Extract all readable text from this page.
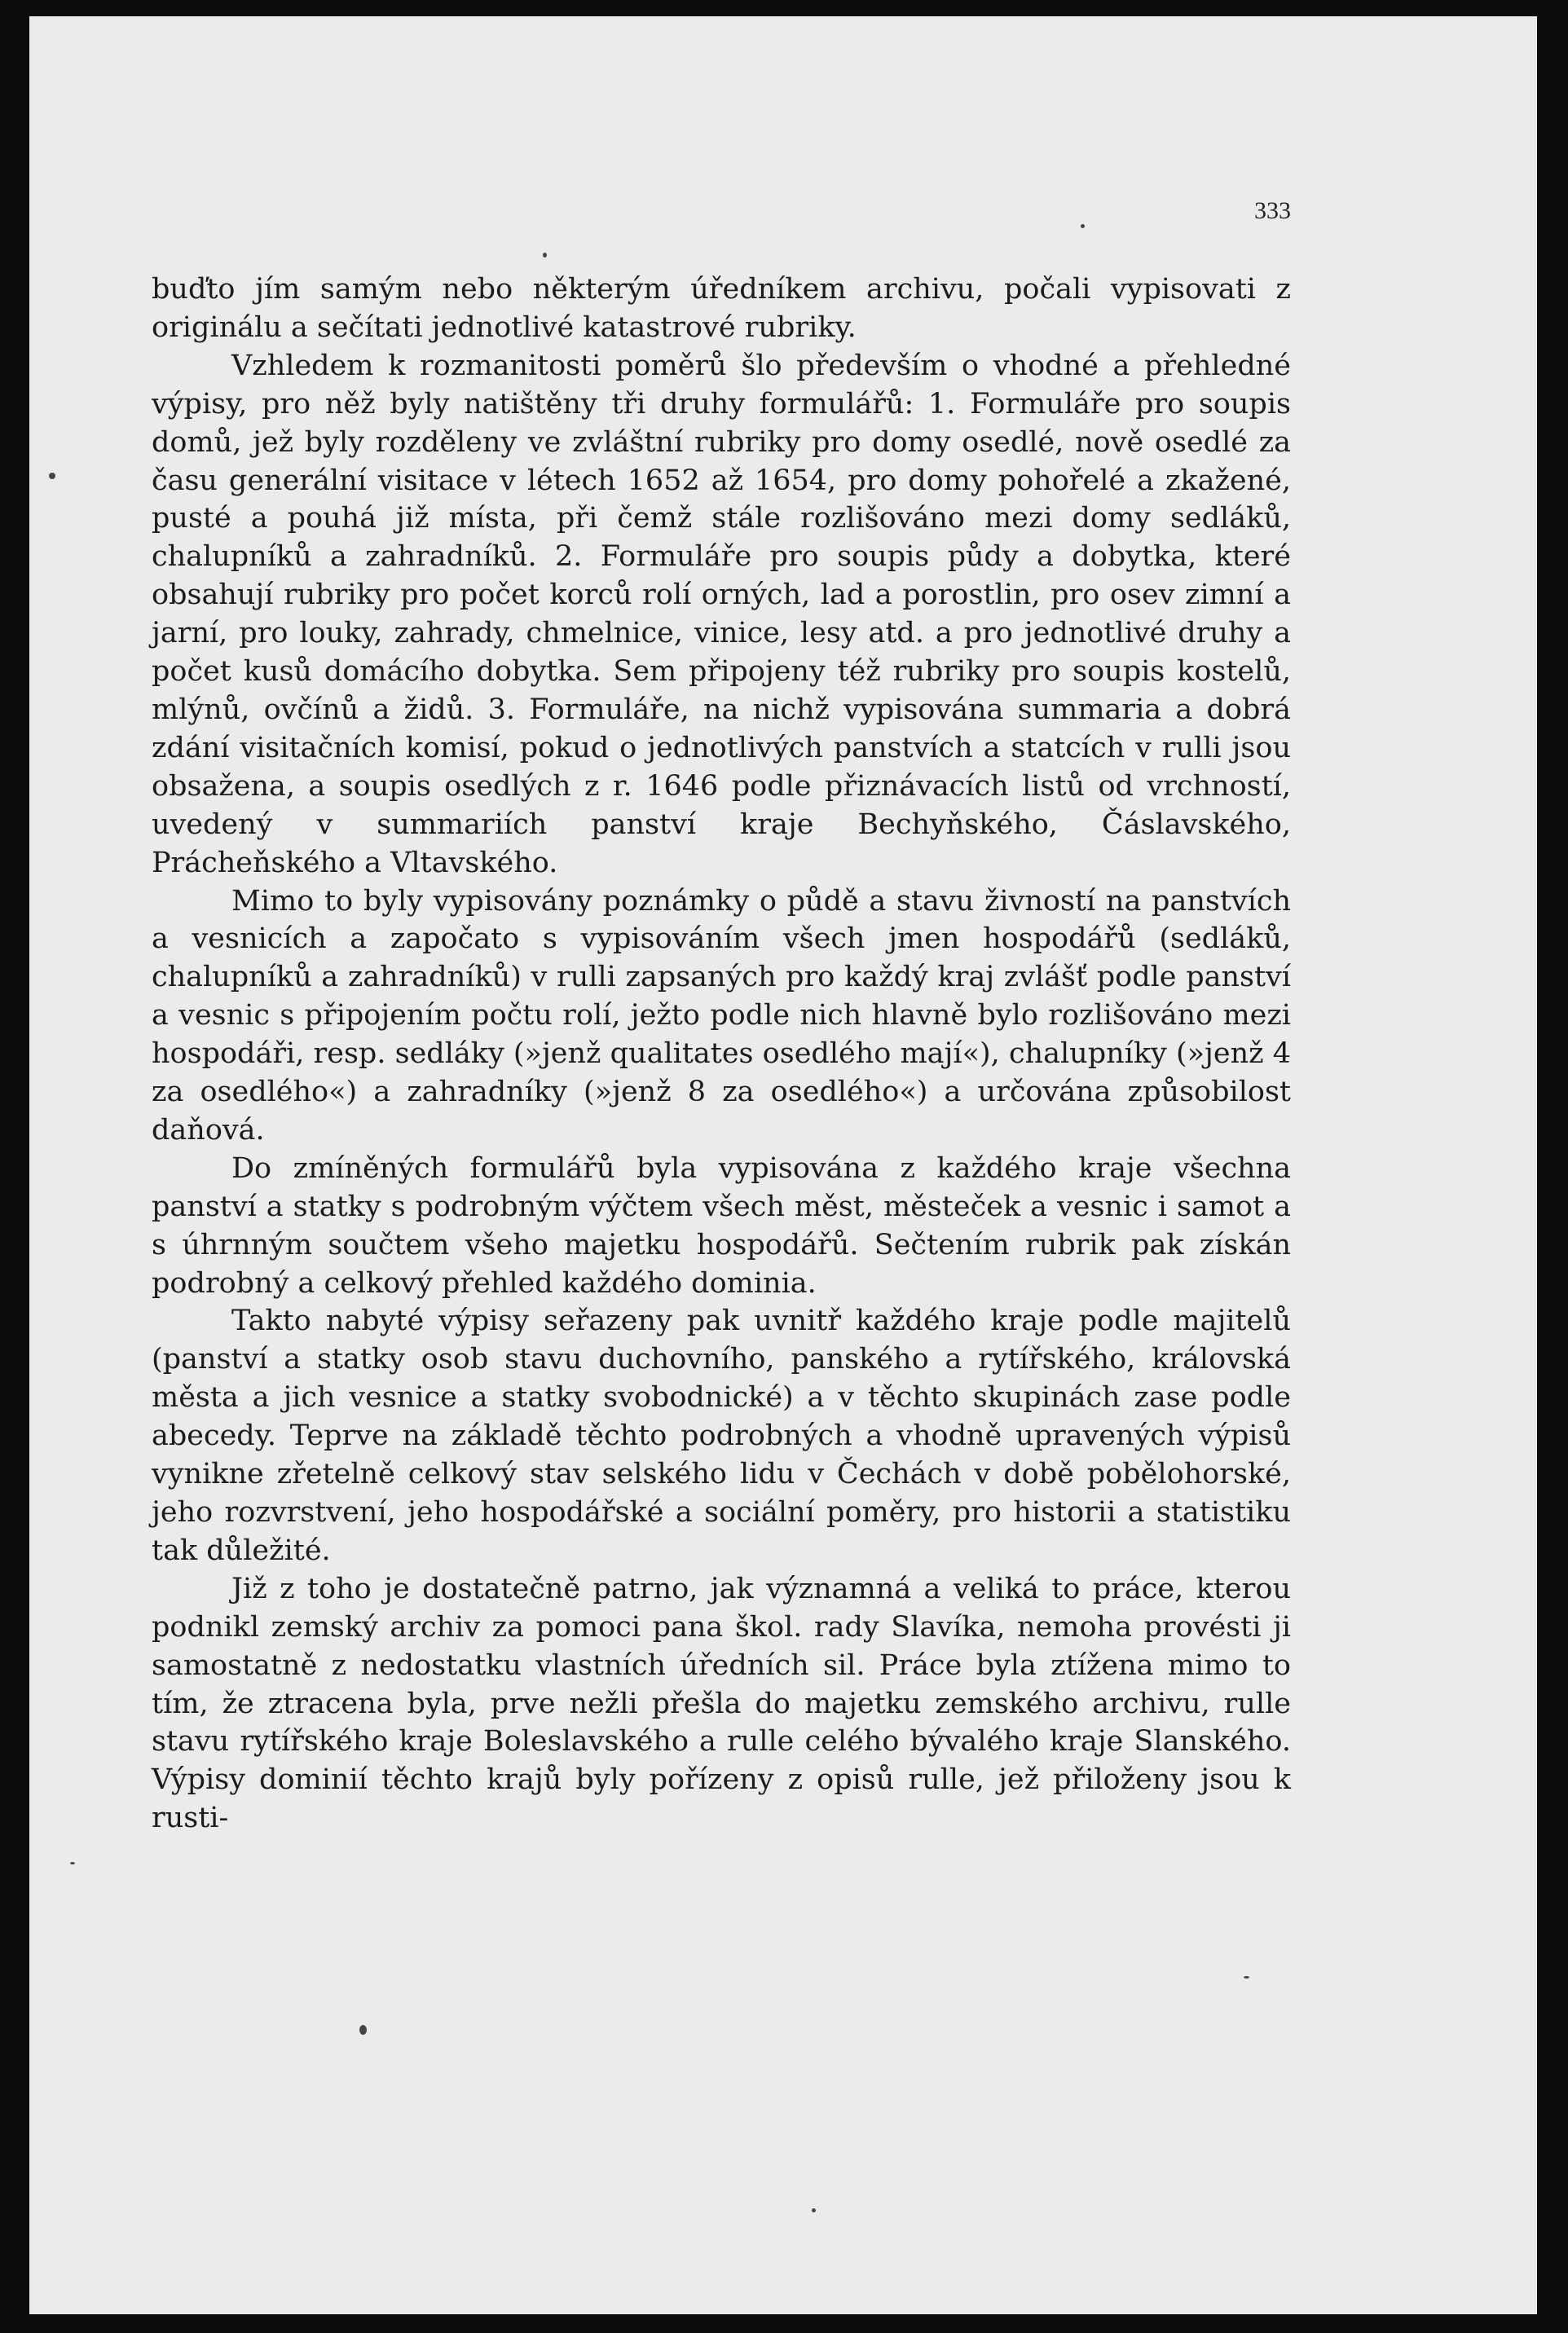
333

buďto jím samým nebo některým úředníkem archivu, počali vypisovati z originálu a sečítati jednotlivé katastrové rubriky.

Vzhledem k rozmanitosti poměrů šlo především o vhodné a přehledné výpisy, pro něž byly natištěny tři druhy formulářů: 1. Formuláře pro soupis domů, jež byly rozděleny ve zvláštní rubriky pro domy osedlé, nově osedlé za času generální visitace v létech 1652 až 1654, pro domy pohořelé a zkažené, pusté a pouhá již místa, při čemž stále rozlišováno mezi domy sedláků, chalupníků a zahradníků. 2. Formuláře pro soupis půdy a dobytka, které obsahují rubriky pro počet korců rolí orných, lad a porostlin, pro osev zimní a jarní, pro louky, zahrady, chmelnice, vinice, lesy atd. a pro jednotlivé druhy a počet kusů domácího dobytka. Sem připojeny též rubriky pro soupis kostelů, mlýnů, ovčínů a židů. 3. Formuláře, na nichž vypisována summaria a dobrá zdání visitačních komisí, pokud o jednotlivých panstvích a statcích v rulli jsou obsažena, a soupis osedlých z r. 1646 podle přiznávacích listů od vrchností, uvedený v summariích panství kraje Bechyňského, Čáslavského, Prácheňského a Vltavského.

Mimo to byly vypisovány poznámky o půdě a stavu živností na panstvích a vesnicích a započato s vypisováním všech jmen hospodářů (sedláků, chalupníků a zahradníků) v rulli zapsaných pro každý kraj zvlášť podle panství a vesnic s připojením počtu rolí, ježto podle nich hlavně bylo rozlišováno mezi hospodáři, resp. sedláky (»jenž qualitates osedlého mají«), chalupníky (»jenž 4 za osedlého«) a zahradníky (»jenž 8 za osedlého«) a určována způsobilost daňová.

Do zmíněných formulářů byla vypisována z každého kraje všechna panství a statky s podrobným výčtem všech měst, městeček a vesnic i samot a s úhrnným součtem všeho majetku hospodářů. Sečtením rubrik pak získán podrobný a celkový přehled každého dominia.

Takto nabyté výpisy seřazeny pak uvnitř každého kraje podle majitelů (panství a statky osob stavu duchovního, panského a rytířského, královská města a jich vesnice a statky svobodnické) a v těchto skupinách zase podle abecedy. Teprve na základě těchto podrobných a vhodně upravených výpisů vynikne zřetelně celkový stav selského lidu v Čechách v době pobělohorské, jeho rozvrstvení, jeho hospodářské a sociální poměry, pro historii a statistiku tak důležité.

Již z toho je dostatečně patrno, jak významná a veliká to práce, kterou podnikl zemský archiv za pomoci pana škol. rady Slavíka, nemoha provésti ji samostatně z nedostatku vlastních úředních sil. Práce byla ztížena mimo to tím, že ztracena byla, prve nežli přešla do majetku zemského archivu, rulle stavu rytířského kraje Boleslavského a rulle celého bývalého kraje Slanského. Výpisy dominií těchto krajů byly pořízeny z opisů rulle, jež přiloženy jsou k rusti-
